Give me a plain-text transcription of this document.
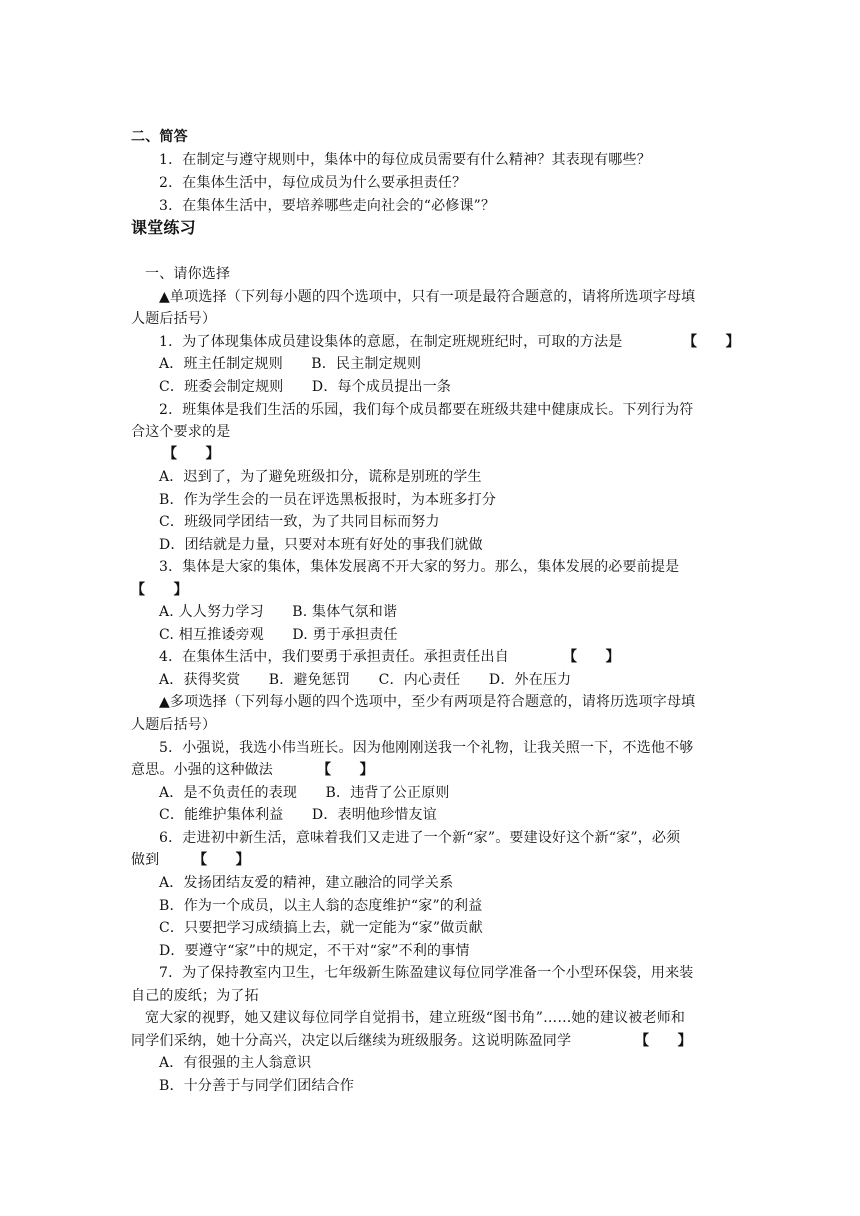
二、简答
1．在制定与遵守规则中，集体中的每位成员需要有什么精神？其表现有哪些？
2．在集体生活中，每位成员为什么要承担责任？
3．在集体生活中，要培养哪些走向社会的“必修课”？
课堂练习
一、请你选择
▲单项选择（下列每小题的四个选项中，只有一项是最符合题意的，请将所选项字母填
人题后括号）
1．为了体现集体成员建设集体的意愿，在制定班规班纪时，可取的方法是	【　　】
A．班主任制定规则　　B．民主制定规则
C．班委会制定规则　　D．每个成员提出一条
2．班集体是我们生活的乐园，我们每个成员都要在班级共建中健康成长。下列行为符
合这个要求的是
【　　】
A．迟到了，为了避免班级扣分，谎称是别班的学生
B．作为学生会的一员在评选黑板报时，为本班多打分
C．班级同学团结一致，为了共同目标而努力
D．团结就是力量，只要对本班有好处的事我们就做
3．集体是大家的集体，集体发展离不开大家的努力。那么，集体发展的必要前提是
【　　】
A. 人人努力学习　　B. 集体气氛和谐
C. 相互推诿旁观　　D. 勇于承担责任
4．在集体生活中，我们要勇于承担责任。承担责任出自	【　　】
A．获得奖赏　　B．避免惩罚　　C．内心责任　　D．外在压力
▲多项选择（下列每小题的四个选项中，至少有两项是符合题意的，请将历选项字母填
人题后括号）
5．小强说，我选小伟当班长。因为他刚刚送我一个礼物，让我关照一下，不选他不够
意思。小强的这种做法	【　　】
A．是不负责任的表现　　B．违背了公正原则
C．能维护集体利益　　D．表明他珍惜友谊
6．走进初中新生活，意味着我们又走进了一个新“家”。要建设好这个新“家”，必须
做到 【　　】
A．发扬团结友爱的精神，建立融洽的同学关系
B．作为一个成员，以主人翁的态度维护“家”的利益
C．只要把学习成绩搞上去，就一定能为“家”做贡献
D．要遵守“家”中的规定，不干对“家”不利的事情
7．为了保持教室内卫生，七年级新生陈盈建议每位同学准备一个小型环保袋，用来装
自己的废纸；为了拓
宽大家的视野，她又建议每位同学自觉捐书，建立班级“图书角”……她的建议被老师和
同学们采纳，她十分高兴，决定以后继续为班级服务。这说明陈盈同学	【　　】
A．有很强的主人翁意识
B．十分善于与同学们团结合作
